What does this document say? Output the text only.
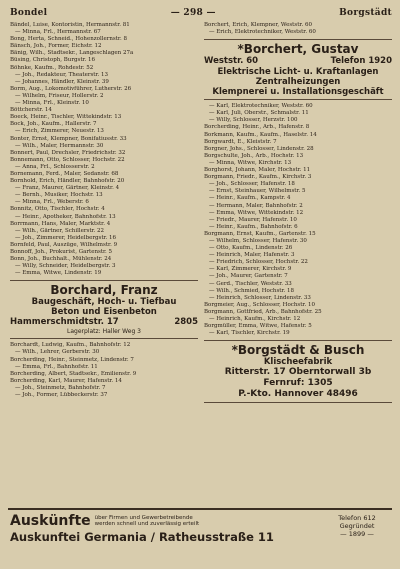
Bondel	— 298 —	Borgstädt
Bändel, Luise, Kontoristin, Hermannstr. 81
— Minna, Frl., Hermannstr. 67
Bong, Herta, Schneid., Hohenzollernstr. 8
Bänsch, Joh., Former, Eichstr. 12
Bänig, Wilh., Stadtsekr., Langeschlagen 27a
Büsing, Christoph, Burgstr. 16
Böhnke, Kaufm., Rohdestr. 52
— Joh., Redakteur, Theaterstr. 13
— Johannes, Händler, Kleinstr. 39
Borm, Aug., Lokomotivführer, Lutherstr. 26
— Wilhelm, Friseur, Hollerstr. 2
— Minna, Frl., Kleinstr. 10
Böttcherstr. 14
Boeck, Heinr., Tischler, Wittekindstr. 13
Bock, Joh., Kaufm., Hallerstr. 7
— Erich, Zimmerer, Neuestr. 13
Bonter, Ernst, Klempner, Bonifatiusstr. 33
— Wilh., Maler, Hermannstr. 30
Bonnert, Paul, Drechsler, Friedrichstr. 32
Bonnemann, Otto, Schlosser, Hochstr. 22
— Anna, Frl., Schlosserstr. 2
Bornemann, Ferd., Maler, Sedanstr. 68
Bornhold, Erich, Händler, Bahnhofstr. 20
— Franz, Maurer, Gärtner, Kleinstr. 4
— Bernh., Musiker, Hochstr. 13
— Minna, Frl., Weberstr. 6
Bonnitz, Otto, Tischler, Hochstr. 4
— Heinr., Apotheker, Bahnhofstr. 13
Borrmann, Hans, Maler, Marktstr. 4
— Wilh., Gärtner, Schillerstr. 22
— Joh., Zimmerer, Heidelbergstr. 16
Bornfeld, Paul, Auszüge, Wilhelmstr. 9
Bonnoff, Joh., Prokurist, Gartenstr. 5
Bonn, Joh., Buchhalt., Mühlenstr. 24
— Willy, Schneider, Heidelbergstr. 3
— Emma, Witwe, Lindenstr. 19
Borchard, Franz
Baugeschäft, Hoch- u. Tiefbau
Beton und Eisenbeton
Hammerschmidtstr. 17	2805
Lagerplatz: Haller Weg 3
Borchardt, Ludwig, Kaufm., Bahnhofstr. 12
— Wilh., Lehrer, Gerberstr. 30
Borcherding, Heinr., Steinmetz, Lindenstr. 7
— Emma, Frl., Bahnhofstr. 11
Borcherding, Albert, Stadtsekr., Emilienstr. 9
Borcherding, Karl, Maurer, Hafenstr. 14
— Joh., Steinmetz, Bahnhofstr. 7
— Joh., Former, Lübbeckerstr. 37
Borchert, Erich, Klempner, Weststr. 60
— Erich, Elektrotechniker, Weststr. 60
*Borchert, Gustav
Weststr. 60	Telefon 1920
Elektrische Licht- u. Kraftanlagen
Zentralheizungen
Klempnerei u. Installationsgeschäft
— Karl, Elektrotechniker, Weststr. 60
— Karl, Juli, Oberstr., Schmalstr. 11
— Willy, Schlosser, Herzstr. 100
Borcherding, Heinr., Arb., Hafenstr. 8
Borkmann, Kaufm., Kaufm., Haselstr. 14
Borgwardt, E., Kleiststr. 7
Borgner, Johs., Schlosser, Lindenstr. 28
Borgschulte, Joh., Arb., Hochstr. 13
— Minna, Witwe, Kirchstr. 13
Borghorst, Johann, Maler, Hochstr. 11
Borgmann, Friedr., Kaufm., Kirchstr. 3
— Joh., Schlosser, Hafenstr. 18
— Ernst, Steinhauer, Wilhelmstr. 5
— Heinr., Kaufm., Kampstr. 4
— Hermann, Maler, Bahnhofstr. 2
— Emma, Witwe, Wittekindstr. 12
— Friedr., Maurer, Hafenstr. 10
— Heinr., Kaufm., Bahnhofstr. 6
Borgmann, Ernst, Kaufm., Gartenstr. 15
— Wilhelm, Schlosser, Hafenstr. 30
— Otto, Kaufm., Lindenstr. 26
— Heinrich, Maler, Hafenstr. 3
— Friedrich, Schlosser, Hochstr. 22
— Karl, Zimmerer, Kirchstr. 9
— Joh., Maurer, Gartenstr. 7
— Gerd., Tischler, Weststr. 33
— Wilh., Schmied, Hochstr. 18
— Heinrich, Schlosser, Lindenstr. 33
Borgmeier, Aug., Schlosser, Hochstr. 10
Borgmann, Gottfried, Arb., Bahnhofstr. 25
— Heinrich, Kaufm., Kirchstr. 12
Borgmüller, Emma, Witwe, Hafenstr. 5
— Karl, Tischler, Kirchstr. 19
*Borgstädt & Busch
Klischeefabrik
Ritterstr. 17 Oberntorwall 3b
Fernruf: 1305
P.-Kto. Hannover 48496
Auskünfte über Firmen und Gewerbetreibende
werden schnell und zuverlässig erteilt
Auskunftei Germania / Ratheusstraße 11
Telefon 612
Gegründet
— 1899 —
